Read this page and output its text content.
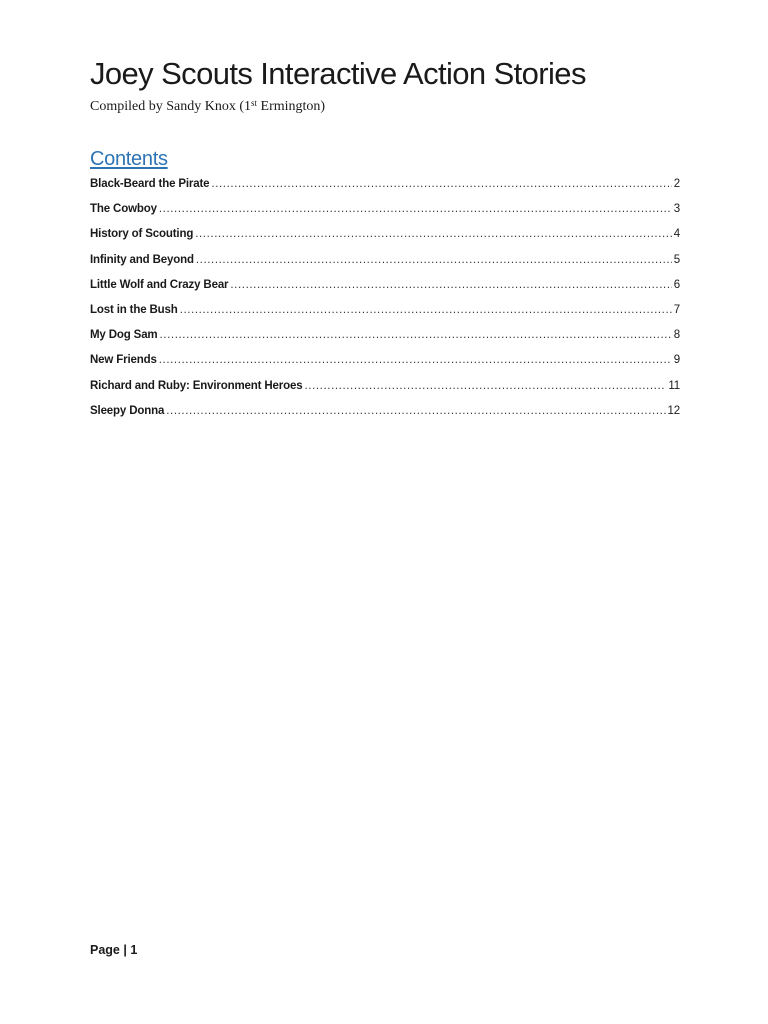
Joey Scouts Interactive Action Stories
Compiled by Sandy Knox (1st Ermington)
Contents
Black-Beard the Pirate .....	2
The Cowboy .....	3
History of Scouting .....	4
Infinity and Beyond .....	5
Little Wolf and Crazy Bear .....	6
Lost in the Bush .....	7
My Dog Sam .....	8
New Friends .....	9
Richard and Ruby: Environment Heroes .....	11
Sleepy Donna .....	12
Page | 1
